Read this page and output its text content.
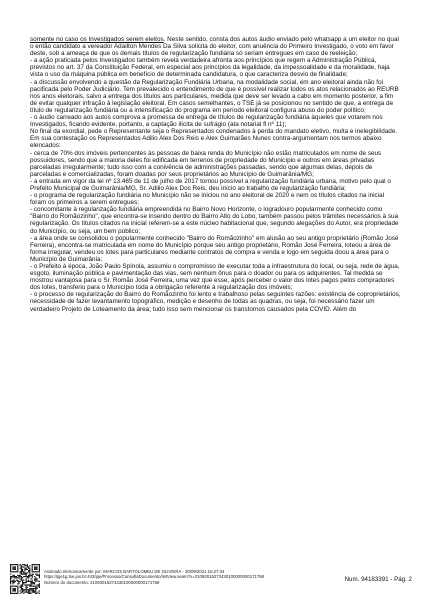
somente no caso os Investigados serem eleitos. Neste sentido, consta dos autos áudio enviado pelo whatsapp a um eleitor no qual o então candidato a vereador Adailton Mendes Da Silva solicita do eleitor, com anuência do Primeiro Investigado, o voto em favor deste, sob a ameaça de que os demais títulos de regularização fundiária só seriam entregues em caso de reeleição;

- a ação praticada pelos Investigados também revela verdadeira afronta aos princípios que regem a Administração Pública, previstos no art. 37 da Constituição Federal, em especial aos princípios da legalidade, da impessoalidade e da moralidade, haja vista o uso da máquina pública em benefício de determinada candidatura, o que caracteriza desvio de finalidade;

- a discussão envolvendo a questão da Regularização Fundiária Urbana, na modalidade social, em ano eleitoral ainda não foi pacificada pelo Poder Judiciário. Tem prevalecido o entendimento de que é possível realizar todos os atos relacionados ao REURB nos anos eleitorais, salvo a entrega dos títulos aos particulares, medida que deve ser levado a cabo em momento posterior, a fim de evitar qualquer infração à legislação eleitoral. Em casos semelhantes, o TSE já se posicionou no sentido de que, a entrega de título de regularização fundiária ou a intensificação do programa em período eleitoral configura abuso do poder político;

- o áudio carreado aos autos comprova a promessa de entrega de títulos de regularização fundiária àqueles que votarem nos Investigados, ficando evidente, portanto, a captação ilícita de sufrágio (ata notarial fl nº 11);

No final da exordial, pede o Representante seja o Representados condenados à perda do mandato eletivo, multa e inelegibilidade.

Em sua contestação os Representados Adilio Alex Dos Reis e Alex Guimarães Nunes contra-argumentam nos termos abaixo elencados:

- cerca de 70% dos imóveis pertencentes às pessoas de baixa renda do Município não estão matriculados em nome de seus possuidores, sendo que a maioria deles foi edificada em terrenos de propriedade do Município e outros em áreas privadas parceladas irregularmente; tudo isso com a conivência de administrações passadas, sendo que algumas delas, depois de parceladas e comercializadas, foram doadas por seus proprietários ao Município de Guimarânia/MG;

- a entrada em vigor da lei nº 13.465 de 11 de julho de 2017 tornou possível a regularização fundiária urbana, motivo pelo qual o Prefeito Municipal de Guimarânia/MG, Sr. Adilio Alex Dos Reis, deu início ao trabalho de regularização fundiária;

- o programa de regularização fundiária no Município não se iniciou no ano eleitoral de 2020 e nem os títulos citados na inicial foram os primeiros a serem entregues;

- concomitante à regularização fundiária empreendida no Bairro Novo Horizonte, o logradouro popularmente conhecido como "Bairro do Romãozinho", que encontra-se inserido dentro do Bairro Alto do Lobo, também passou pelos trâmites necessários à sua regularização. Os títulos citados na inicial referem-se a este núcleo habitacional que, segundo alegações do Autor, era propriedade do Município, ou seja, um bem público;

- a área onde se consolidou o popularmente conhecido "Bairro do Romãozinho" em alusão ao seu antigo proprietário (Romão José Ferreira), encontra-se matriculada em nome do Município porque seu antigo proprietário, Romão José Ferreira, loteou a área de forma irregular, vendeu os lotes para particulares mediante contratos de compra e venda e logo em seguida doou a área para o Município de Guimarânia;

- o Prefeito à época, João Paulo Spínola, assumiu o compromisso de executar toda a infraestrutura do local, ou seja, rede de água, esgoto, iluminação pública e pavimentação das vias, sem nenhum ônus para o doador ou para os adquirentes. Tal medida se mostrou vantajosa para o Sr. Romão José Ferreira, uma vez que esse, após perceber o valor dos lotes pagos pelos compradores dos lotes, transferiu para o Município toda a obrigação referente à regularização dos imóveis;

- o processo de regularização do Bairro do Romãozinho foi lento e trabalhoso pelas seguintes razões: existência de coproprietários, necessidade de fazer levantamento topográfico, medição e desenho de todas as quadras, ou seja, foi necessário fazer um verdadeiro Projeto de Loteamento da área; tudo isso sem mencionar os transtornos causados pela COVID. Além do

Assinado eletronicamente por: MARCOS BARTOLOMEU DE OLIVEIRA - 30/09/2021 16:27:34

https://pje1g.tse.jus.br:443/pje/Processo/ConsultaDocumento/listView.seam?x=21093016273430100000000171768

Número do documento: 21093016273430100000000171768	Num. 94183391 - Pág. 2
